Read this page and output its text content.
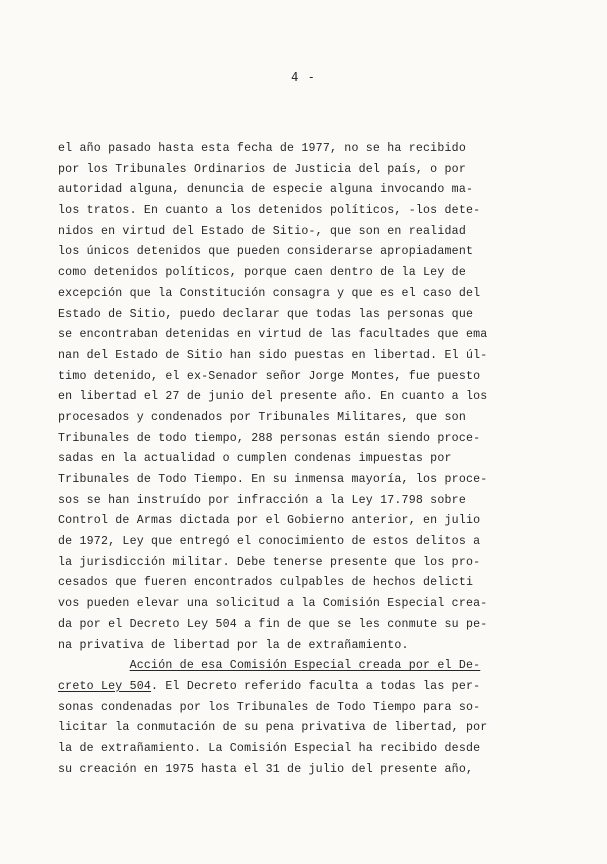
4 -
el año pasado hasta esta fecha de 1977, no se ha recibido
por los Tribunales Ordinarios de Justicia del país, o por
autoridad alguna, denuncia de especie alguna invocando ma-
los tratos. En cuanto a los detenidos políticos, -los dete-
nidos en virtud del Estado de Sitio-, que son en realidad
los únicos detenidos que pueden considerarse apropiadament
como detenidos políticos, porque caen dentro de la Ley de
excepción que la Constitución consagra y que es el caso del
Estado de Sitio, puedo declarar que todas las personas que
se encontraban detenidas en virtud de las facultades que ema
nan del Estado de Sitio han sido puestas en libertad. El úl-
timo detenido, el ex-Senador señor Jorge Montes, fue puesto
en libertad el 27 de junio del presente año. En cuanto a los
procesados y condenados por Tribunales Militares, que son
Tribunales de todo tiempo, 288 personas están siendo proce-
sadas en la actualidad o cumplen condenas impuestas por
Tribunales de Todo Tiempo. En su inmensa mayoría, los proce-
sos se han instruído por infracción a la Ley 17.798 sobre
Control de Armas dictada por el Gobierno anterior, en julio
de 1972, Ley que entregó el conocimiento de estos delitos a
la jurisdicción militar. Debe tenerse presente que los pro-
cesados que fueren encontrados culpables de hechos delicti
vos pueden elevar una solicitud a la Comisión Especial crea-
da por el Decreto Ley 504 a fin de que se les conmute su pe-
na privativa de libertad por la de extrañamiento.
Acción de esa Comisión Especial creada por el De-
creto Ley 504. El Decreto referido faculta a todas las per-
sonas condenadas por los Tribunales de Todo Tiempo para so-
licitar la conmutación de su pena privativa de libertad, por
la de extrañamiento. La Comisión Especial ha recibido desde
su creación en 1975 hasta el 31 de julio del presente año,
